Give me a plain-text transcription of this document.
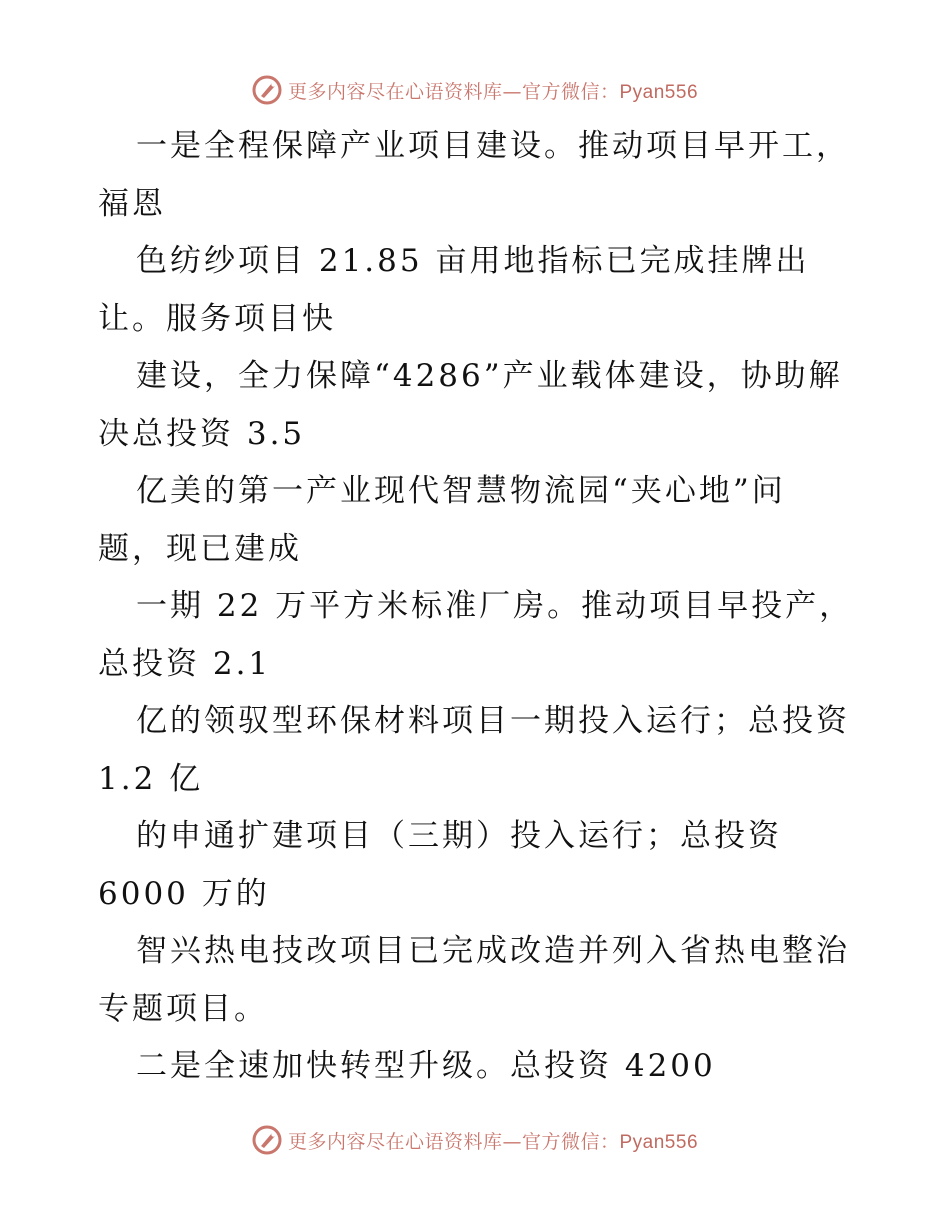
更多内容尽在心语资料库—官方微信：Pyan556
一是全程保障产业项目建设。推动项目早开工，
福恩
色纺纱项目 21.85 亩用地指标已完成挂牌出
让。服务项目快
建设，全力保障“4286”产业载体建设，协助解
决总投资 3.5
亿美的第一产业现代智慧物流园“夹心地”问
题，现已建成
一期 22 万平方米标准厂房。推动项目早投产，
总投资 2.1
亿的领驭型环保材料项目一期投入运行；总投资
1.2 亿
的申通扩建项目（三期）投入运行；总投资
6000 万的
智兴热电技改项目已完成改造并列入省热电整治
专题项目。
二是全速加快转型升级。总投资 4200
更多内容尽在心语资料库—官方微信：Pyan556
